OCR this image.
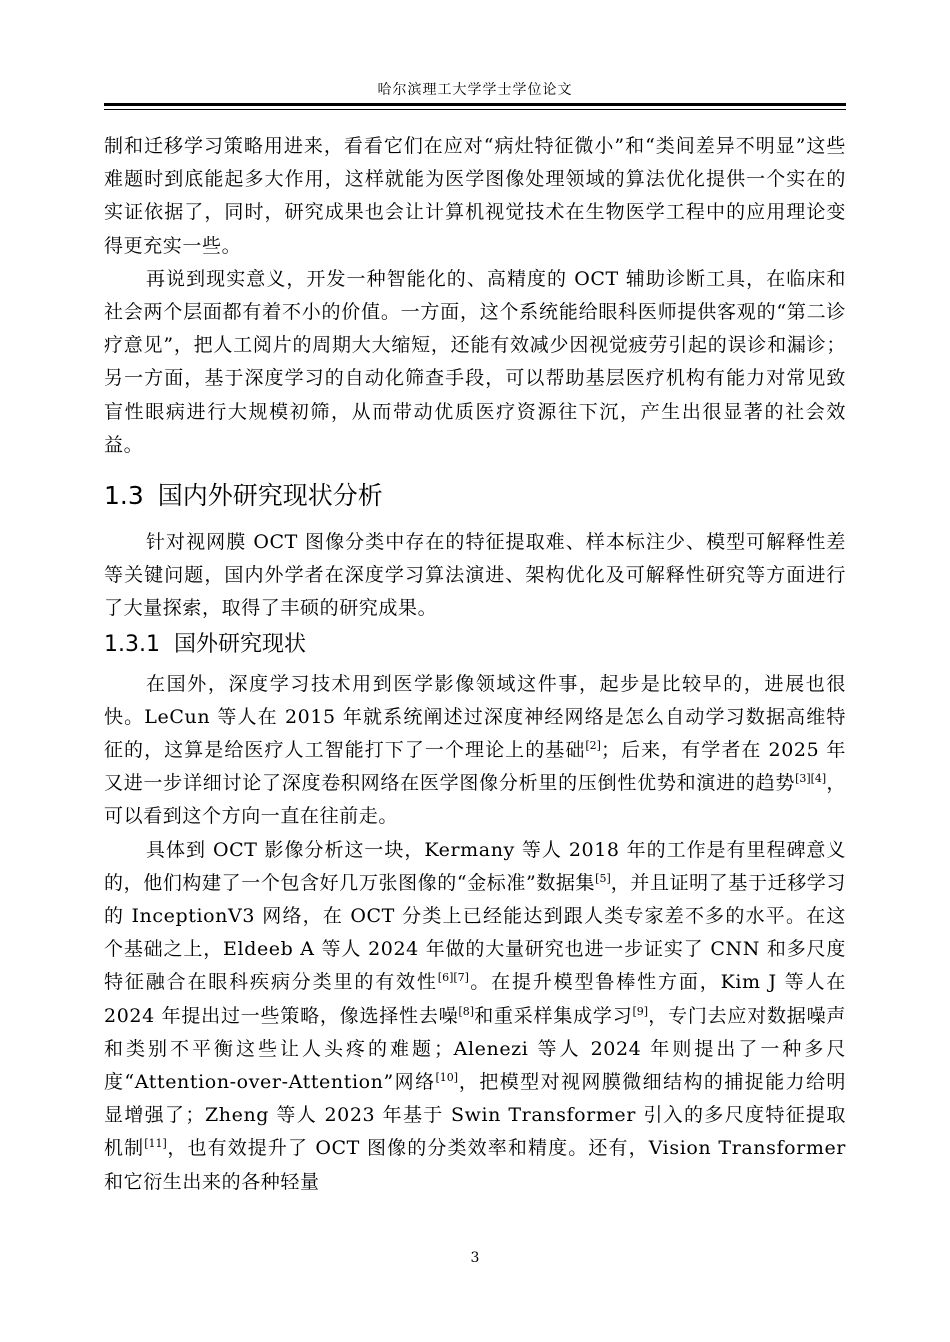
哈尔滨理工大学学士学位论文

制和迁移学习策略用进来，看看它们在应对“病灶特征微小”和“类间差异不明显”这些难题时到底能起多大作用，这样就能为医学图像处理领域的算法优化提供一个实在的实证依据了，同时，研究成果也会让计算机视觉技术在生物医学工程中的应用理论变得更充实一些。

再说到现实意义，开发一种智能化的、高精度的 OCT 辅助诊断工具，在临床和社会两个层面都有着不小的价值。一方面，这个系统能给眼科医师提供客观的“第二诊疗意见”，把人工阅片的周期大大缩短，还能有效减少因视觉疲劳引起的误诊和漏诊；另一方面，基于深度学习的自动化筛查手段，可以帮助基层医疗机构有能力对常见致盲性眼病进行大规模初筛，从而带动优质医疗资源往下沉，产生出很显著的社会效益。

1.3 国内外研究现状分析

针对视网膜 OCT 图像分类中存在的特征提取难、样本标注少、模型可解释性差等关键问题，国内外学者在深度学习算法演进、架构优化及可解释性研究等方面进行了大量探索，取得了丰硕的研究成果。

1.3.1 国外研究现状

在国外，深度学习技术用到医学影像领域这件事，起步是比较早的，进展也很快。LeCun 等人在 2015 年就系统阐述过深度神经网络是怎么自动学习数据高维特征的，这算是给医疗人工智能打下了一个理论上的基础[2]；后来，有学者在 2025 年又进一步详细讨论了深度卷积网络在医学图像分析里的压倒性优势和演进的趋势[3][4]，可以看到这个方向一直在往前走。

具体到 OCT 影像分析这一块，Kermany 等人 2018 年的工作是有里程碑意义的，他们构建了一个包含好几万张图像的“金标准”数据集[5]，并且证明了基于迁移学习的 InceptionV3 网络，在 OCT 分类上已经能达到跟人类专家差不多的水平。在这个基础之上，Eldeeb A 等人 2024 年做的大量研究也进一步证实了 CNN 和多尺度特征融合在眼科疾病分类里的有效性[6][7]。在提升模型鲁棒性方面，Kim J 等人在 2024 年提出过一些策略，像选择性去噪[8]和重采样集成学习[9]，专门去应对数据噪声和类别不平衡这些让人头疼的难题；Alenezi 等人 2024 年则提出了一种多尺度“Attention-over-Attention”网络[10]，把模型对视网膜微细结构的捕捉能力给明显增强了；Zheng 等人 2023 年基于 Swin Transformer 引入的多尺度特征提取机制[11]，也有效提升了 OCT 图像的分类效率和精度。还有，Vision Transformer 和它衍生出来的各种轻量

3
